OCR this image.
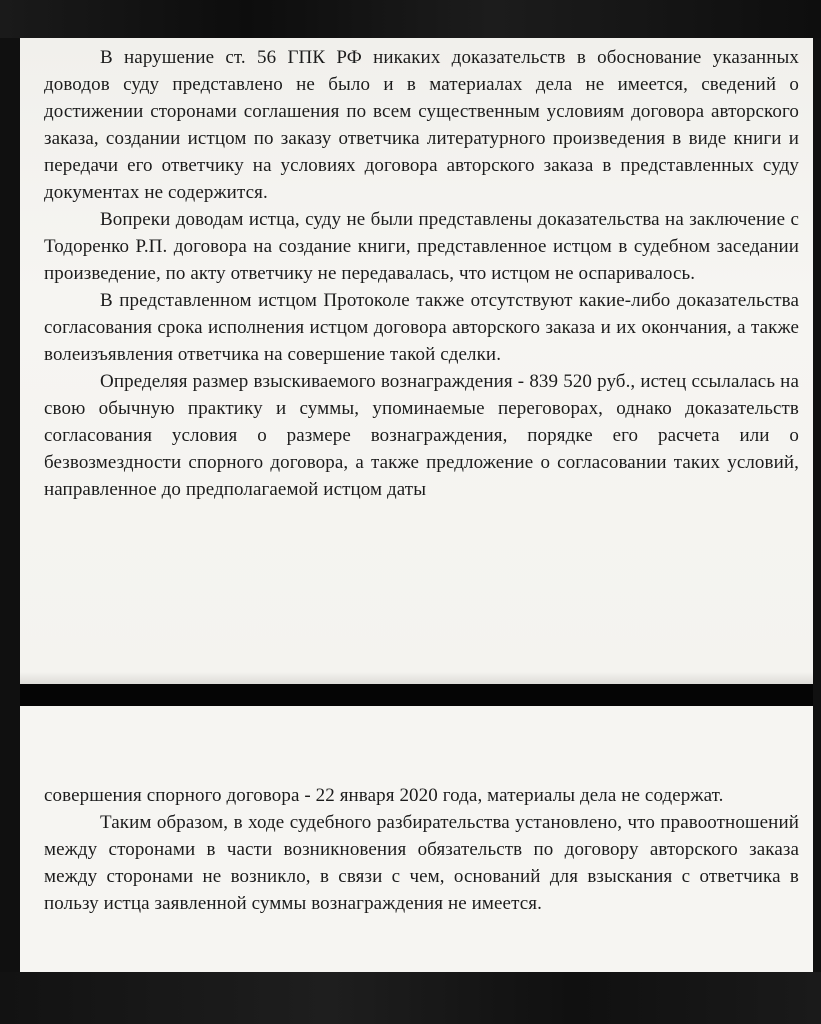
В нарушение ст. 56 ГПК РФ никаких доказательств в обоснование указанных доводов суду представлено не было и в материалах дела не имеется, сведений о достижении сторонами соглашения по всем существенным условиям договора авторского заказа, создании истцом по заказу ответчика литературного произведения в виде книги и передачи его ответчику на условиях договора авторского заказа в представленных суду документах не содержится.

Вопреки доводам истца, суду не были представлены доказательства на заключение с Тодоренко Р.П. договора на создание книги, представленное истцом в судебном заседании произведение, по акту ответчику не передавалась, что истцом не оспаривалось.

В представленном истцом Протоколе также отсутствуют какие-либо доказательства согласования срока исполнения истцом договора авторского заказа и их окончания, а также волеизъявления ответчика на совершение такой сделки.

Определяя размер взыскиваемого вознаграждения - 839 520 руб., истец ссылалась на свою обычную практику и суммы, упоминаемые переговорах, однако доказательств согласования условия о размере вознаграждения, порядке его расчета или о безвозмездности спорного договора, а также предложение о согласовании таких условий, направленное до предполагаемой истцом даты

совершения спорного договора - 22 января 2020 года, материалы дела не содержат.

Таким образом, в ходе судебного разбирательства установлено, что правоотношений между сторонами в части возникновения обязательств по договору авторского заказа между сторонами не возникло, в связи с чем, оснований для взыскания с ответчика в пользу истца заявленной суммы вознаграждения не имеется.
